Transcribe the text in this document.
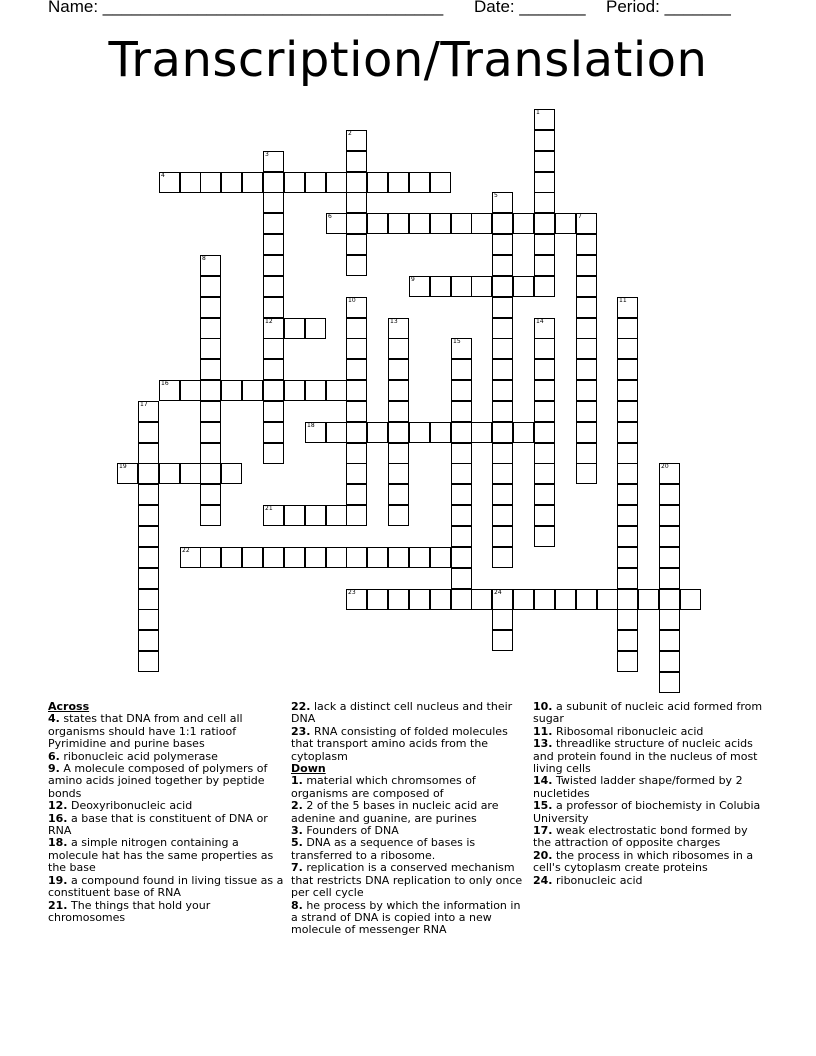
Name: ____________________________________ Date: _______ Period: _______
Transcription/Translation
1
2
3
12
4
5
6	7
8
9
10	11
13	14
15
16
17
18
19	20
21
22
23	24

Across

4. states that DNA from and cell all organisms should have 1:1 ratioof Pyrimidine and purine bases

6. ribonucleic acid polymerase

9. A molecule composed of polymers of amino acids joined together by peptide bonds

12. Deoxyribonucleic acid

16. a base that is constituent of DNA or RNA

18. a simple nitrogen containing a molecule hat has the same properties as the base

19. a compound found in living tissue as a constituent base of RNA

21. The things that hold your chromosomes

22. lack a distinct cell nucleus and their DNA

23. RNA consisting of folded molecules that transport amino acids from the cytoplasm

Down

1. material which chromsomes of organisms are composed of

2. 2 of the 5 bases in nucleic acid are adenine and guanine, are purines

3. Founders of DNA

5. DNA as a sequence of bases is transferred to a ribosome.

7. replication is a conserved mechanism that restricts DNA replication to only once per cell cycle

8. he process by which the information in a strand of DNA is copied into a new molecule of messenger RNA

10. a subunit of nucleic acid formed from sugar

11. Ribosomal ribonucleic acid

13. threadlike structure of nucleic acids and protein found in the nucleus of most living cells

14. Twisted ladder shape/formed by 2 nucletides

15. a professor of biochemisty in Colubia University

17. weak electrostatic bond formed by the attraction of opposite charges

20. the process in which ribosomes in a cell's cytoplasm create proteins

24. ribonucleic acid
